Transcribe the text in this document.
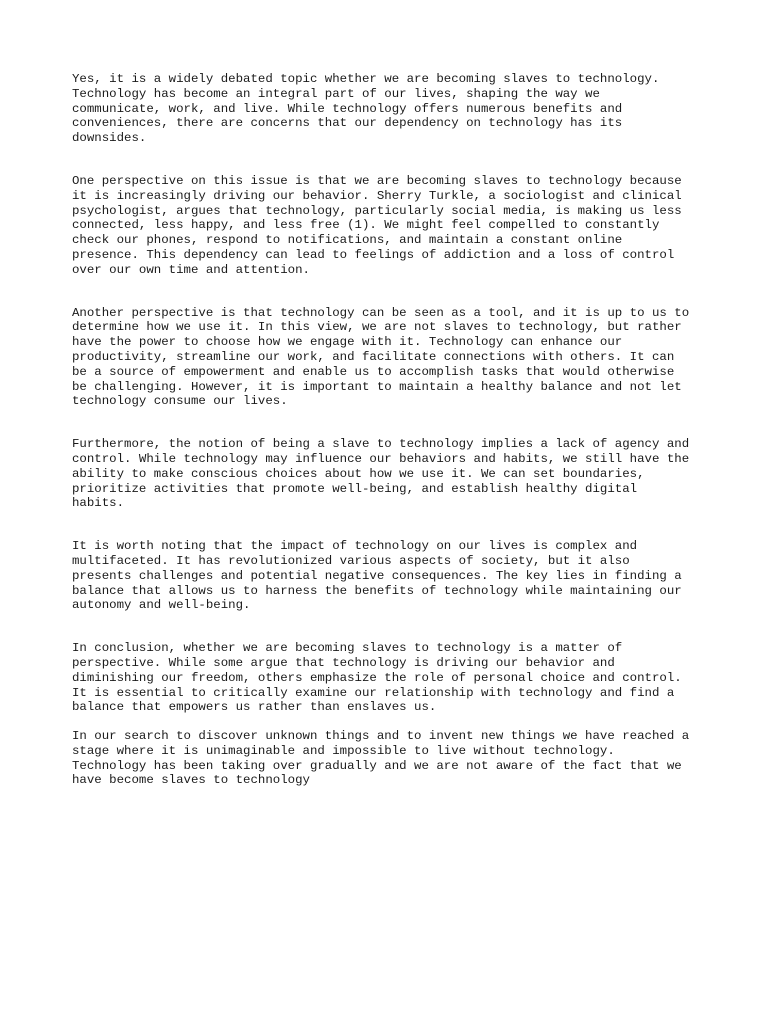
Yes, it is a widely debated topic whether we are becoming slaves to technology.
Technology has become an integral part of our lives, shaping the way we
communicate, work, and live. While technology offers numerous benefits and
conveniences, there are concerns that our dependency on technology has its
downsides.

One perspective on this issue is that we are becoming slaves to technology because
it is increasingly driving our behavior. Sherry Turkle, a sociologist and clinical
psychologist, argues that technology, particularly social media, is making us less
connected, less happy, and less free (1). We might feel compelled to constantly
check our phones, respond to notifications, and maintain a constant online
presence. This dependency can lead to feelings of addiction and a loss of control
over our own time and attention.

Another perspective is that technology can be seen as a tool, and it is up to us to
determine how we use it. In this view, we are not slaves to technology, but rather
have the power to choose how we engage with it. Technology can enhance our
productivity, streamline our work, and facilitate connections with others. It can
be a source of empowerment and enable us to accomplish tasks that would otherwise
be challenging. However, it is important to maintain a healthy balance and not let
technology consume our lives.

Furthermore, the notion of being a slave to technology implies a lack of agency and
control. While technology may influence our behaviors and habits, we still have the
ability to make conscious choices about how we use it. We can set boundaries,
prioritize activities that promote well-being, and establish healthy digital
habits.

It is worth noting that the impact of technology on our lives is complex and
multifaceted. It has revolutionized various aspects of society, but it also
presents challenges and potential negative consequences. The key lies in finding a
balance that allows us to harness the benefits of technology while maintaining our
autonomy and well-being.

In conclusion, whether we are becoming slaves to technology is a matter of
perspective. While some argue that technology is driving our behavior and
diminishing our freedom, others emphasize the role of personal choice and control.
It is essential to critically examine our relationship with technology and find a
balance that empowers us rather than enslaves us.

In our search to discover unknown things and to invent new things we have reached a
stage where it is unimaginable and impossible to live without technology.
Technology has been taking over gradually and we are not aware of the fact that we
have become slaves to technology
